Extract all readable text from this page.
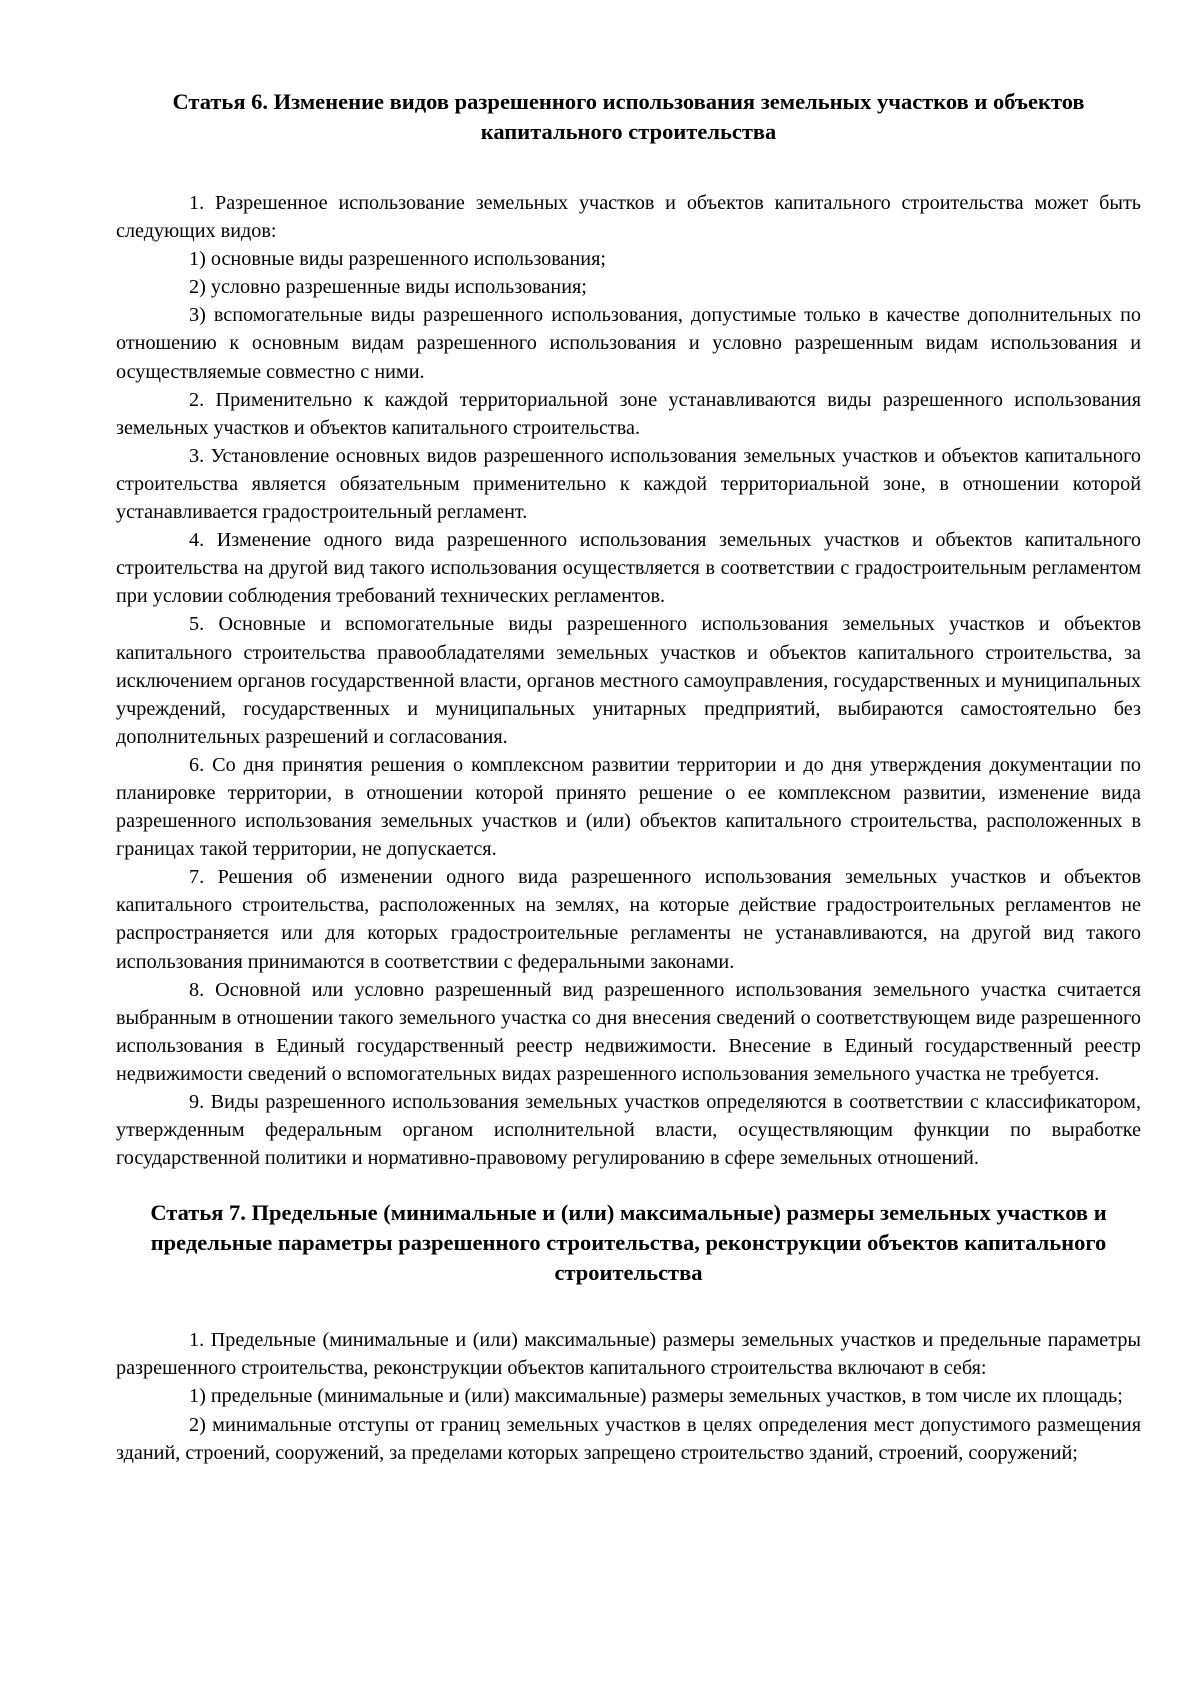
Статья 6. Изменение видов разрешенного использования земельных участков и объектов капитального строительства

1. Разрешенное использование земельных участков и объектов капитального строительства может быть следующих видов:

1) основные виды разрешенного использования;

2) условно разрешенные виды использования;

3) вспомогательные виды разрешенного использования, допустимые только в качестве дополнительных по отношению к основным видам разрешенного использования и условно разрешенным видам использования и осуществляемые совместно с ними.

2. Применительно к каждой территориальной зоне устанавливаются виды разрешенного использования земельных участков и объектов капитального строительства.

3. Установление основных видов разрешенного использования земельных участков и объектов капитального строительства является обязательным применительно к каждой территориальной зоне, в отношении которой устанавливается градостроительный регламент.

4. Изменение одного вида разрешенного использования земельных участков и объектов капитального строительства на другой вид такого использования осуществляется в соответствии с градостроительным регламентом при условии соблюдения требований технических регламентов.

5. Основные и вспомогательные виды разрешенного использования земельных участков и объектов капитального строительства правообладателями земельных участков и объектов капитального строительства, за исключением органов государственной власти, органов местного самоуправления, государственных и муниципальных учреждений, государственных и муниципальных унитарных предприятий, выбираются самостоятельно без дополнительных разрешений и согласования.

6. Со дня принятия решения о комплексном развитии территории и до дня утверждения документации по планировке территории, в отношении которой принято решение о ее комплексном развитии, изменение вида разрешенного использования земельных участков и (или) объектов капитального строительства, расположенных в границах такой территории, не допускается.

7. Решения об изменении одного вида разрешенного использования земельных участков и объектов капитального строительства, расположенных на землях, на которые действие градостроительных регламентов не распространяется или для которых градостроительные регламенты не устанавливаются, на другой вид такого использования принимаются в соответствии с федеральными законами.

8. Основной или условно разрешенный вид разрешенного использования земельного участка считается выбранным в отношении такого земельного участка со дня внесения сведений о соответствующем виде разрешенного использования в Единый государственный реестр недвижимости. Внесение в Единый государственный реестр недвижимости сведений о вспомогательных видах разрешенного использования земельного участка не требуется.

9. Виды разрешенного использования земельных участков определяются в соответствии с классификатором, утвержденным федеральным органом исполнительной власти, осуществляющим функции по выработке государственной политики и нормативно-правовому регулированию в сфере земельных отношений.

Статья 7. Предельные (минимальные и (или) максимальные) размеры земельных участков и предельные параметры разрешенного строительства, реконструкции объектов капитального строительства

1. Предельные (минимальные и (или) максимальные) размеры земельных участков и предельные параметры разрешенного строительства, реконструкции объектов капитального строительства включают в себя:

1) предельные (минимальные и (или) максимальные) размеры земельных участков, в том числе их площадь;

2) минимальные отступы от границ земельных участков в целях определения мест допустимого размещения зданий, строений, сооружений, за пределами которых запрещено строительство зданий, строений, сооружений;
